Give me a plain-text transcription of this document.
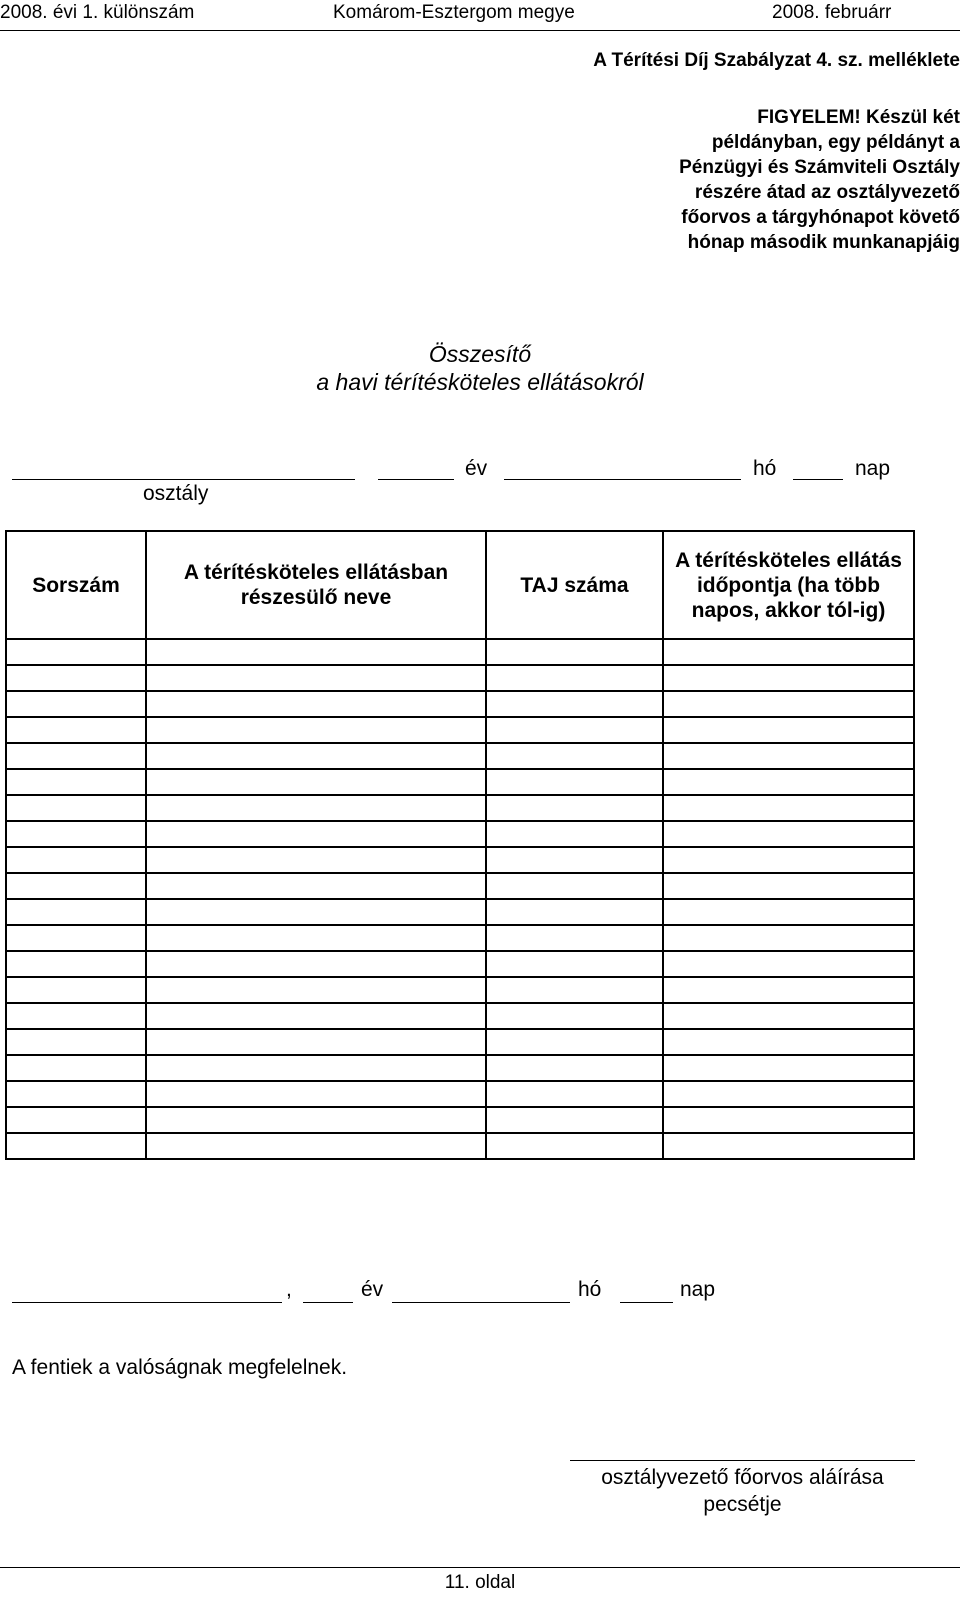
2008. évi 1. különszám	Komárom-Esztergom megye	2008. februárr
A Térítési Díj Szabályzat 4. sz. melléklete
FIGYELEM! Készül két
példányban, egy példányt a
Pénzügyi és Számviteli Osztály
részére átad az osztályvezető
főorvos a tárgyhónapot követő
hónap második munkanapjáig
Összesítő
a havi térítésköteles ellátásokról
osztály
év	hó	nap
Sorszám	A térítésköteles ellátásban részesülő neve	TAJ száma	A térítésköteles ellátás időpontja (ha több napos, akkor tól-ig)

,	év	hó	nap
A fentiek a valóságnak megfelelnek.
osztályvezető főorvos aláírása
pecsétje
11. oldal
